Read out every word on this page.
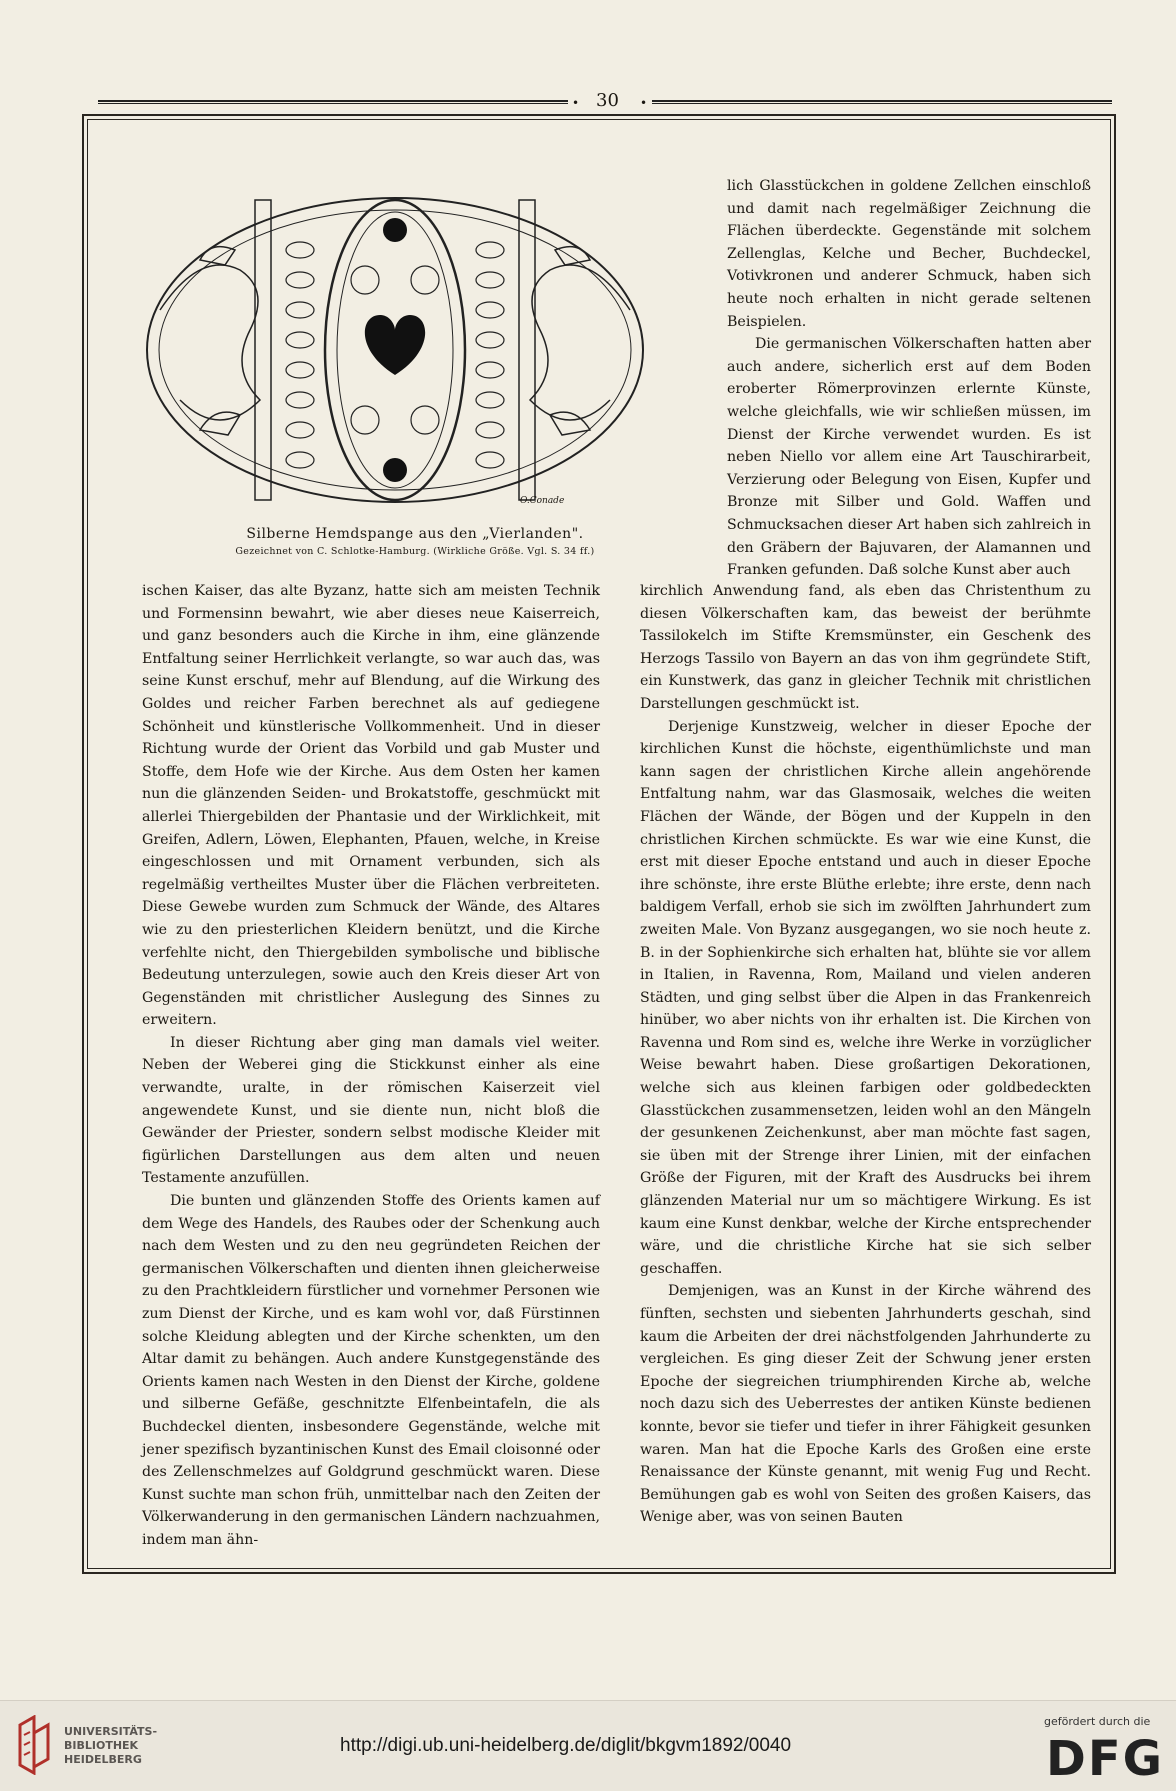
• 30 •
O.Conade
Silberne Hemdspange aus den „Vierlanden".
Gezeichnet von C. Schlotke-Hamburg. (Wirkliche Größe. Vgl. S. 34 ff.)

lich Glasstückchen in goldene Zellchen einschloß und damit nach regelmäßiger Zeichnung die Flächen überdeckte. Gegenstände mit solchem Zellenglas, Kelche und Becher, Buchdeckel, Votivkronen und anderer Schmuck, haben sich heute noch erhalten in nicht gerade seltenen Beispielen.

Die germanischen Völkerschaften hatten aber auch andere, sicherlich erst auf dem Boden eroberter Römerprovinzen erlernte Künste, welche gleichfalls, wie wir schließen müssen, im Dienst der Kirche verwendet wurden. Es ist neben Niello vor allem eine Art Tauschirarbeit, Verzierung oder Belegung von Eisen, Kupfer und Bronze mit Silber und Gold. Waffen und Schmucksachen dieser Art haben sich zahlreich in den Gräbern der Bajuvaren, der Alamannen und Franken gefunden. Daß solche Kunst aber auch

ischen Kaiser, das alte Byzanz, hatte sich am meisten Technik und Formensinn bewahrt, wie aber dieses neue Kaiserreich, und ganz besonders auch die Kirche in ihm, eine glänzende Entfaltung seiner Herrlichkeit verlangte, so war auch das, was seine Kunst erschuf, mehr auf Blendung, auf die Wirkung des Goldes und reicher Farben berechnet als auf gediegene Schönheit und künstlerische Vollkommenheit. Und in dieser Richtung wurde der Orient das Vorbild und gab Muster und Stoffe, dem Hofe wie der Kirche. Aus dem Osten her kamen nun die glänzenden Seiden- und Brokatstoffe, geschmückt mit allerlei Thiergebilden der Phantasie und der Wirklichkeit, mit Greifen, Adlern, Löwen, Elephanten, Pfauen, welche, in Kreise eingeschlossen und mit Ornament verbunden, sich als regelmäßig vertheiltes Muster über die Flächen verbreiteten. Diese Gewebe wurden zum Schmuck der Wände, des Altares wie zu den priesterlichen Kleidern benützt, und die Kirche verfehlte nicht, den Thiergebilden symbolische und biblische Bedeutung unterzulegen, sowie auch den Kreis dieser Art von Gegenständen mit christlicher Auslegung des Sinnes zu erweitern.

In dieser Richtung aber ging man damals viel weiter. Neben der Weberei ging die Stickkunst einher als eine verwandte, uralte, in der römischen Kaiserzeit viel angewendete Kunst, und sie diente nun, nicht bloß die Gewänder der Priester, sondern selbst modische Kleider mit figürlichen Darstellungen aus dem alten und neuen Testamente anzufüllen.

Die bunten und glänzenden Stoffe des Orients kamen auf dem Wege des Handels, des Raubes oder der Schenkung auch nach dem Westen und zu den neu gegründeten Reichen der germanischen Völkerschaften und dienten ihnen gleicherweise zu den Prachtkleidern fürstlicher und vornehmer Personen wie zum Dienst der Kirche, und es kam wohl vor, daß Fürstinnen solche Kleidung ablegten und der Kirche schenkten, um den Altar damit zu behängen. Auch andere Kunstgegenstände des Orients kamen nach Westen in den Dienst der Kirche, goldene und silberne Gefäße, geschnitzte Elfenbeintafeln, die als Buchdeckel dienten, insbesondere Gegenstände, welche mit jener spezifisch byzantinischen Kunst des Email cloisonné oder des Zellenschmelzes auf Goldgrund geschmückt waren. Diese Kunst suchte man schon früh, unmittelbar nach den Zeiten der Völkerwanderung in den germanischen Ländern nachzuahmen, indem man ähn-

kirchlich Anwendung fand, als eben das Christenthum zu diesen Völkerschaften kam, das beweist der berühmte Tassilokelch im Stifte Kremsmünster, ein Geschenk des Herzogs Tassilo von Bayern an das von ihm gegründete Stift, ein Kunstwerk, das ganz in gleicher Technik mit christlichen Darstellungen geschmückt ist.

Derjenige Kunstzweig, welcher in dieser Epoche der kirchlichen Kunst die höchste, eigenthümlichste und man kann sagen der christlichen Kirche allein angehörende Entfaltung nahm, war das Glasmosaik, welches die weiten Flächen der Wände, der Bögen und der Kuppeln in den christlichen Kirchen schmückte. Es war wie eine Kunst, die erst mit dieser Epoche entstand und auch in dieser Epoche ihre schönste, ihre erste Blüthe erlebte; ihre erste, denn nach baldigem Verfall, erhob sie sich im zwölften Jahrhundert zum zweiten Male. Von Byzanz ausgegangen, wo sie noch heute z. B. in der Sophienkirche sich erhalten hat, blühte sie vor allem in Italien, in Ravenna, Rom, Mailand und vielen anderen Städten, und ging selbst über die Alpen in das Frankenreich hinüber, wo aber nichts von ihr erhalten ist. Die Kirchen von Ravenna und Rom sind es, welche ihre Werke in vorzüglicher Weise bewahrt haben. Diese großartigen Dekorationen, welche sich aus kleinen farbigen oder goldbedeckten Glasstückchen zusammensetzen, leiden wohl an den Mängeln der gesunkenen Zeichenkunst, aber man möchte fast sagen, sie üben mit der Strenge ihrer Linien, mit der einfachen Größe der Figuren, mit der Kraft des Ausdrucks bei ihrem glänzenden Material nur um so mächtigere Wirkung. Es ist kaum eine Kunst denkbar, welche der Kirche entsprechender wäre, und die christliche Kirche hat sie sich selber geschaffen.

Demjenigen, was an Kunst in der Kirche während des fünften, sechsten und siebenten Jahrhunderts geschah, sind kaum die Arbeiten der drei nächstfolgenden Jahrhunderte zu vergleichen. Es ging dieser Zeit der Schwung jener ersten Epoche der siegreichen triumphirenden Kirche ab, welche noch dazu sich des Ueberrestes der antiken Künste bedienen konnte, bevor sie tiefer und tiefer in ihrer Fähigkeit gesunken waren. Man hat die Epoche Karls des Großen eine erste Renaissance der Künste genannt, mit wenig Fug und Recht. Bemühungen gab es wohl von Seiten des großen Kaisers, das Wenige aber, was von seinen Bauten

UNIVERSITÄTS-
BIBLIOTHEK
HEIDELBERG
http://digi.ub.uni-heidelberg.de/diglit/bkgvm1892/0040
gefördert durch die
DFG
